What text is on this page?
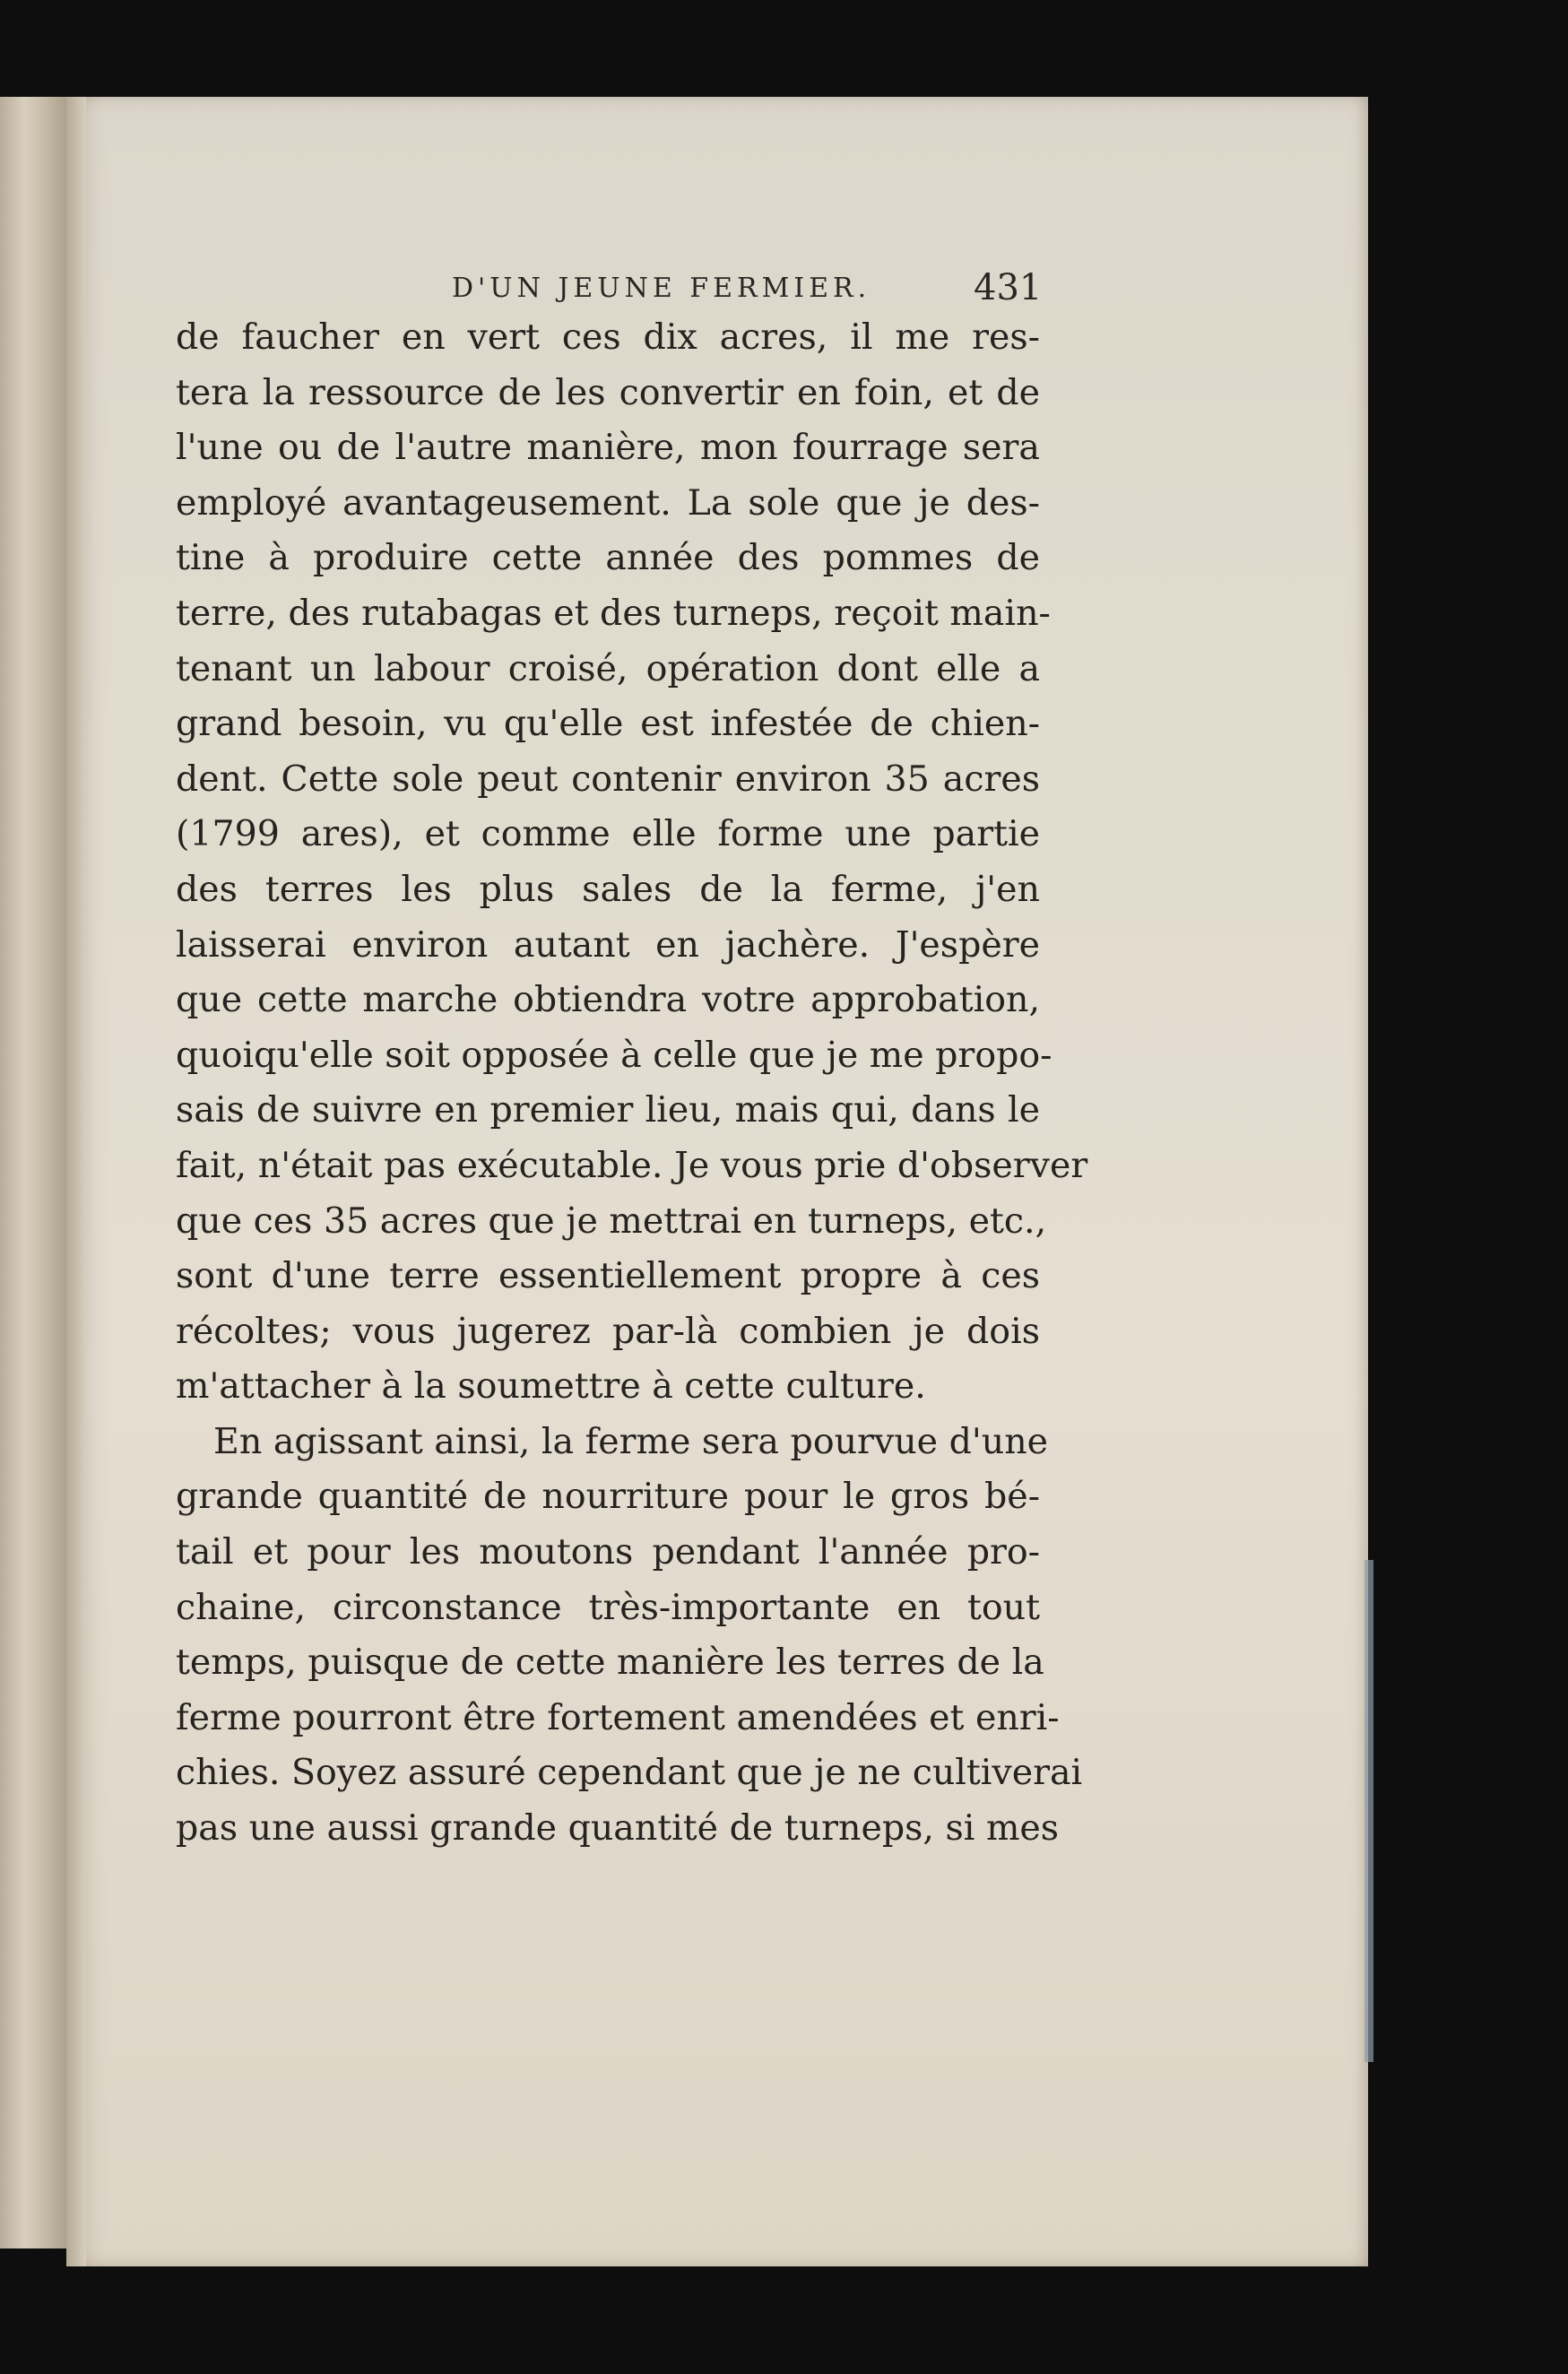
D'UN JEUNE FERMIER.	431
de faucher en vert ces dix acres, il me res-
tera la ressource de les convertir en foin, et de
l'une ou de l'autre manière, mon fourrage sera
employé avantageusement. La sole que je des-
tine à produire cette année des pommes de
terre, des rutabagas et des turneps, reçoit main-
tenant un labour croisé, opération dont elle a
grand besoin, vu qu'elle est infestée de chien-
dent. Cette sole peut contenir environ 35 acres
(1799 ares), et comme elle forme une partie
des terres les plus sales de la ferme, j'en
laisserai environ autant en jachère. J'espère
que cette marche obtiendra votre approbation,
quoiqu'elle soit opposée à celle que je me propo-
sais de suivre en premier lieu, mais qui, dans le
fait, n'était pas exécutable. Je vous prie d'observer
que ces 35 acres que je mettrai en turneps, etc.,
sont d'une terre essentiellement propre à ces
récoltes; vous jugerez par-là combien je dois
m'attacher à la soumettre à cette culture.
En agissant ainsi, la ferme sera pourvue d'une
grande quantité de nourriture pour le gros bé-
tail et pour les moutons pendant l'année pro-
chaine, circonstance très-importante en tout
temps, puisque de cette manière les terres de la
ferme pourront être fortement amendées et enri-
chies. Soyez assuré cependant que je ne cultiverai
pas une aussi grande quantité de turneps, si mes
